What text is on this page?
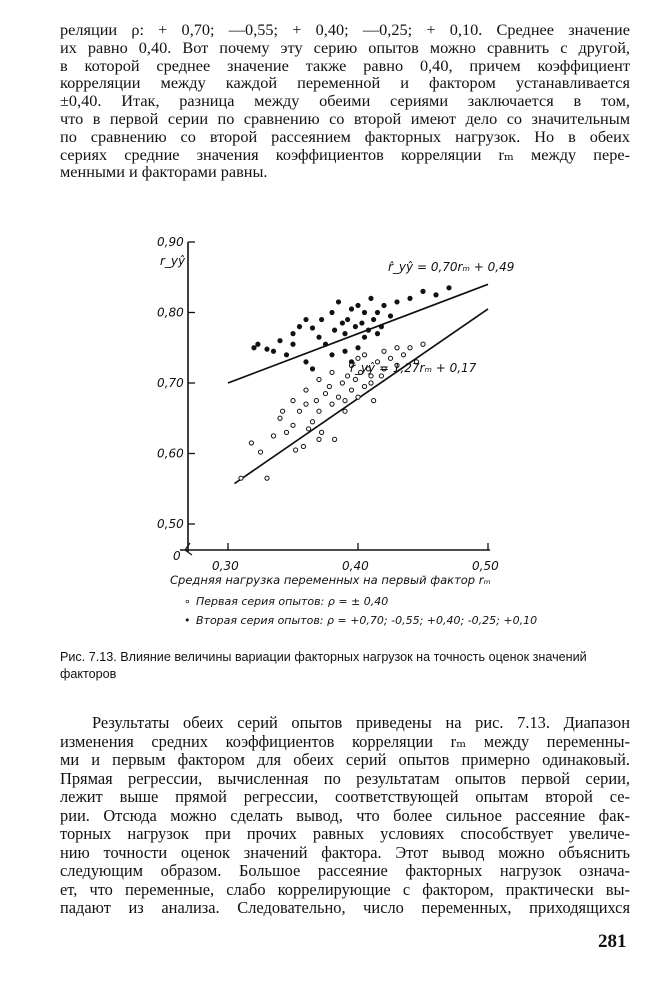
реляции ρ: + 0,70; —0,55; + 0,40; —0,25; + 0,10. Среднее значение
их равно 0,40. Вот почему эту серию опытов можно сравнить с другой,
в которой среднее значение также равно 0,40, причем коэффициент
корреляции между каждой переменной и фактором устанавливается
±0,40. Итак, разница между обеими сериями заключается в том,
что в первой серии по сравнению со второй имеют дело со значительным
по сравнению со второй рассеянием факторных нагрузок. Но в обеих
сериях средние значения коэффициентов корреляции rₘ между пере-
менными и факторами равны.
0,90
0,80
0,70
0,60
0,50
0,30	0,40	0,50
0
r_yŷ	r̂_yŷ = 0,70rₘ + 0,49
r̂_yŷ = 1,27rₘ + 0,17
Средняя нагрузка переменных на первый фактор rₘ
∘ Первая серия опытов: ρ = ± 0,40
• Вторая серия опытов: ρ = +0,70; -0,55; +0,40; -0,25; +0,10

Рис. 7.13. Влияние величины вариации факторных нагрузок на точность оценок значений факторов

Результаты обеих серий опытов приведены на рис. 7.13. Диапазон
изменения средних коэффициентов корреляции rₘ между переменны-
ми и первым фактором для обеих серий опытов примерно одинаковый.
Прямая регрессии, вычисленная по результатам опытов первой серии,
лежит выше прямой регрессии, соответствующей опытам второй се-
рии. Отсюда можно сделать вывод, что более сильное рассеяние фак-
торных нагрузок при прочих равных условиях способствует увеличе-
нию точности оценок значений фактора. Этот вывод можно объяснить
следующим образом. Большое рассеяние факторных нагрузок означа-
ет, что переменные, слабо коррелирующие с фактором, практически вы-
падают из анализа. Следовательно, число переменных, приходящихся
281
